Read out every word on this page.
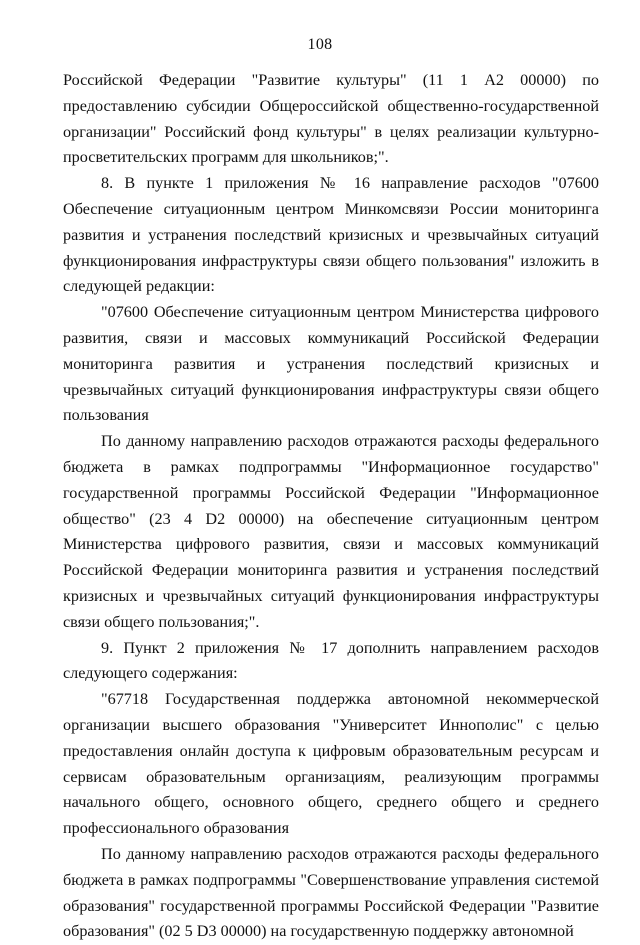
108

Российской Федерации "Развитие культуры" (11 1 А2 00000) по предоставлению субсидии Общероссийской общественно-государственной организации" Российский фонд культуры" в целях реализации культурно-просветительских программ для школьников;".

8. В пункте 1 приложения № 16 направление расходов "07600 Обеспечение ситуационным центром Минкомсвязи России мониторинга развития и устранения последствий кризисных и чрезвычайных ситуаций функционирования инфраструктуры связи общего пользования" изложить в следующей редакции:

"07600 Обеспечение ситуационным центром Министерства цифрового развития, связи и массовых коммуникаций Российской Федерации мониторинга развития и устранения последствий кризисных и чрезвычайных ситуаций функционирования инфраструктуры связи общего пользования

По данному направлению расходов отражаются расходы федерального бюджета в рамках подпрограммы "Информационное государство" государственной программы Российской Федерации "Информационное общество" (23 4 D2 00000) на обеспечение ситуационным центром Министерства цифрового развития, связи и массовых коммуникаций Российской Федерации мониторинга развития и устранения последствий кризисных и чрезвычайных ситуаций функционирования инфраструктуры связи общего пользования;".

9. Пункт 2 приложения № 17 дополнить направлением расходов следующего содержания:

"67718 Государственная поддержка автономной некоммерческой организации высшего образования "Университет Иннополис" с целью предоставления онлайн доступа к цифровым образовательным ресурсам и сервисам образовательным организациям, реализующим программы начального общего, основного общего, среднего общего и среднего профессионального образования

По данному направлению расходов отражаются расходы федерального бюджета в рамках подпрограммы "Совершенствование управления системой образования" государственной программы Российской Федерации "Развитие образования" (02 5 D3 00000) на государственную поддержку автономной
